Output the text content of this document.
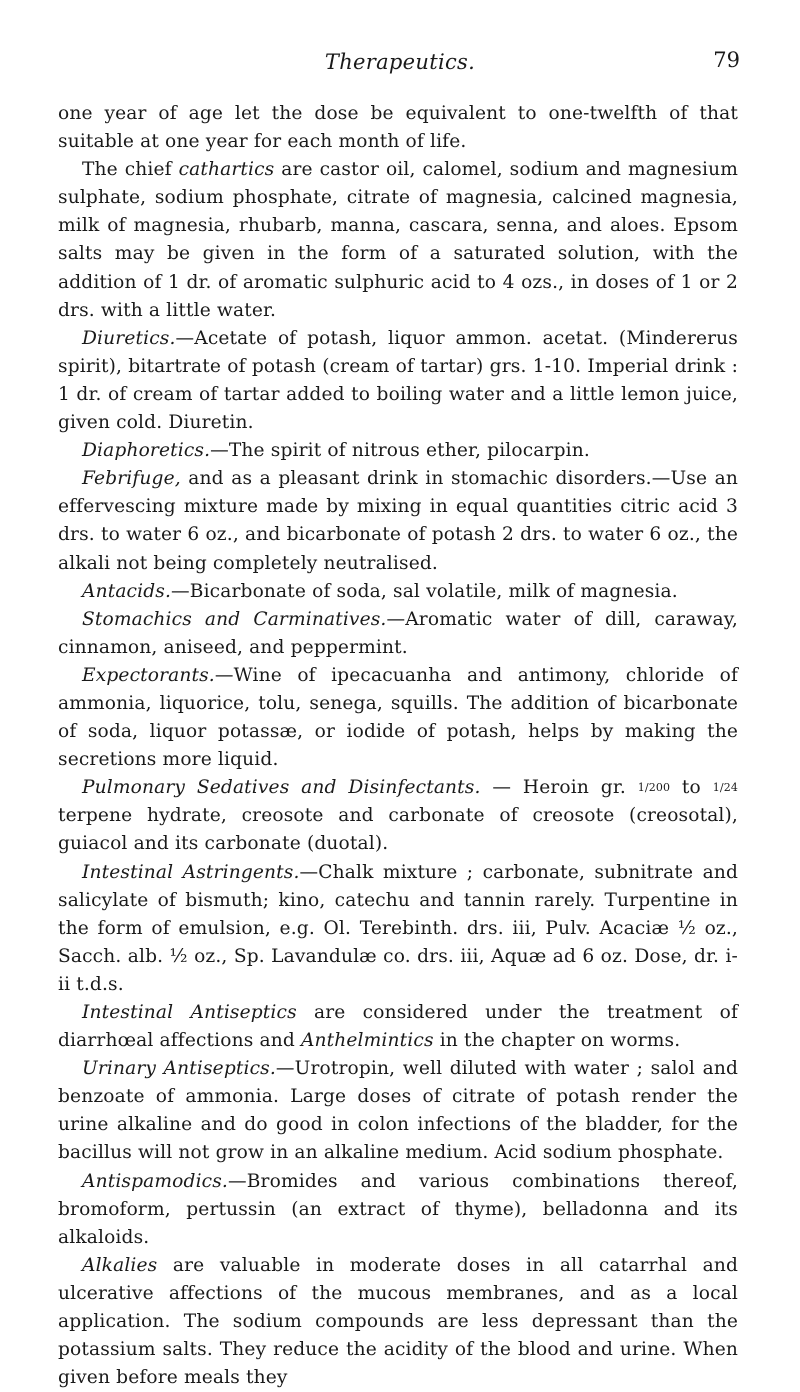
Therapeutics.	79

one year of age let the dose be equivalent to one-twelfth of that suitable at one year for each month of life.

The chief cathartics are castor oil, calomel, sodium and magnesium sulphate, sodium phosphate, citrate of magnesia, calcined magnesia, milk of magnesia, rhubarb, manna, cascara, senna, and aloes. Epsom salts may be given in the form of a saturated solution, with the addition of 1 dr. of aromatic sulphuric acid to 4 ozs., in doses of 1 or 2 drs. with a little water.

Diuretics.—Acetate of potash, liquor ammon. acetat. (Mindererus spirit), bitartrate of potash (cream of tartar) grs. 1-10. Imperial drink : 1 dr. of cream of tartar added to boiling water and a little lemon juice, given cold. Diuretin.

Diaphoretics.—The spirit of nitrous ether, pilocarpin.

Febrifuge, and as a pleasant drink in stomachic disorders.—Use an effervescing mixture made by mixing in equal quantities citric acid 3 drs. to water 6 oz., and bicarbonate of potash 2 drs. to water 6 oz., the alkali not being completely neutralised.

Antacids.—Bicarbonate of soda, sal volatile, milk of magnesia.

Stomachics and Carminatives.—Aromatic water of dill, caraway, cinnamon, aniseed, and peppermint.

Expectorants.—Wine of ipecacuanha and antimony, chloride of ammonia, liquorice, tolu, senega, squills. The addition of bicarbonate of soda, liquor potassæ, or iodide of potash, helps by making the secretions more liquid.

Pulmonary Sedatives and Disinfectants. — Heroin gr. 1/200 to 1/24 terpene hydrate, creosote and carbonate of creosote (creosotal), guiacol and its carbonate (duotal).

Intestinal Astringents.—Chalk mixture ; carbonate, subnitrate and salicylate of bismuth; kino, catechu and tannin rarely. Turpentine in the form of emulsion, e.g. Ol. Terebinth. drs. iii, Pulv. Acaciæ ½ oz., Sacch. alb. ½ oz., Sp. Lavandulæ co. drs. iii, Aquæ ad 6 oz. Dose, dr. i-ii t.d.s.

Intestinal Antiseptics are considered under the treatment of diarrhœal affections and Anthelmintics in the chapter on worms.

Urinary Antiseptics.—Urotropin, well diluted with water ; salol and benzoate of ammonia. Large doses of citrate of potash render the urine alkaline and do good in colon infections of the bladder, for the bacillus will not grow in an alkaline medium. Acid sodium phosphate.

Antispamodics.—Bromides and various combinations thereof, bromoform, pertussin (an extract of thyme), belladonna and its alkaloids.

Alkalies are valuable in moderate doses in all catarrhal and ulcerative affections of the mucous membranes, and as a local application. The sodium compounds are less depressant than the potassium salts. They reduce the acidity of the blood and urine. When given before meals they
